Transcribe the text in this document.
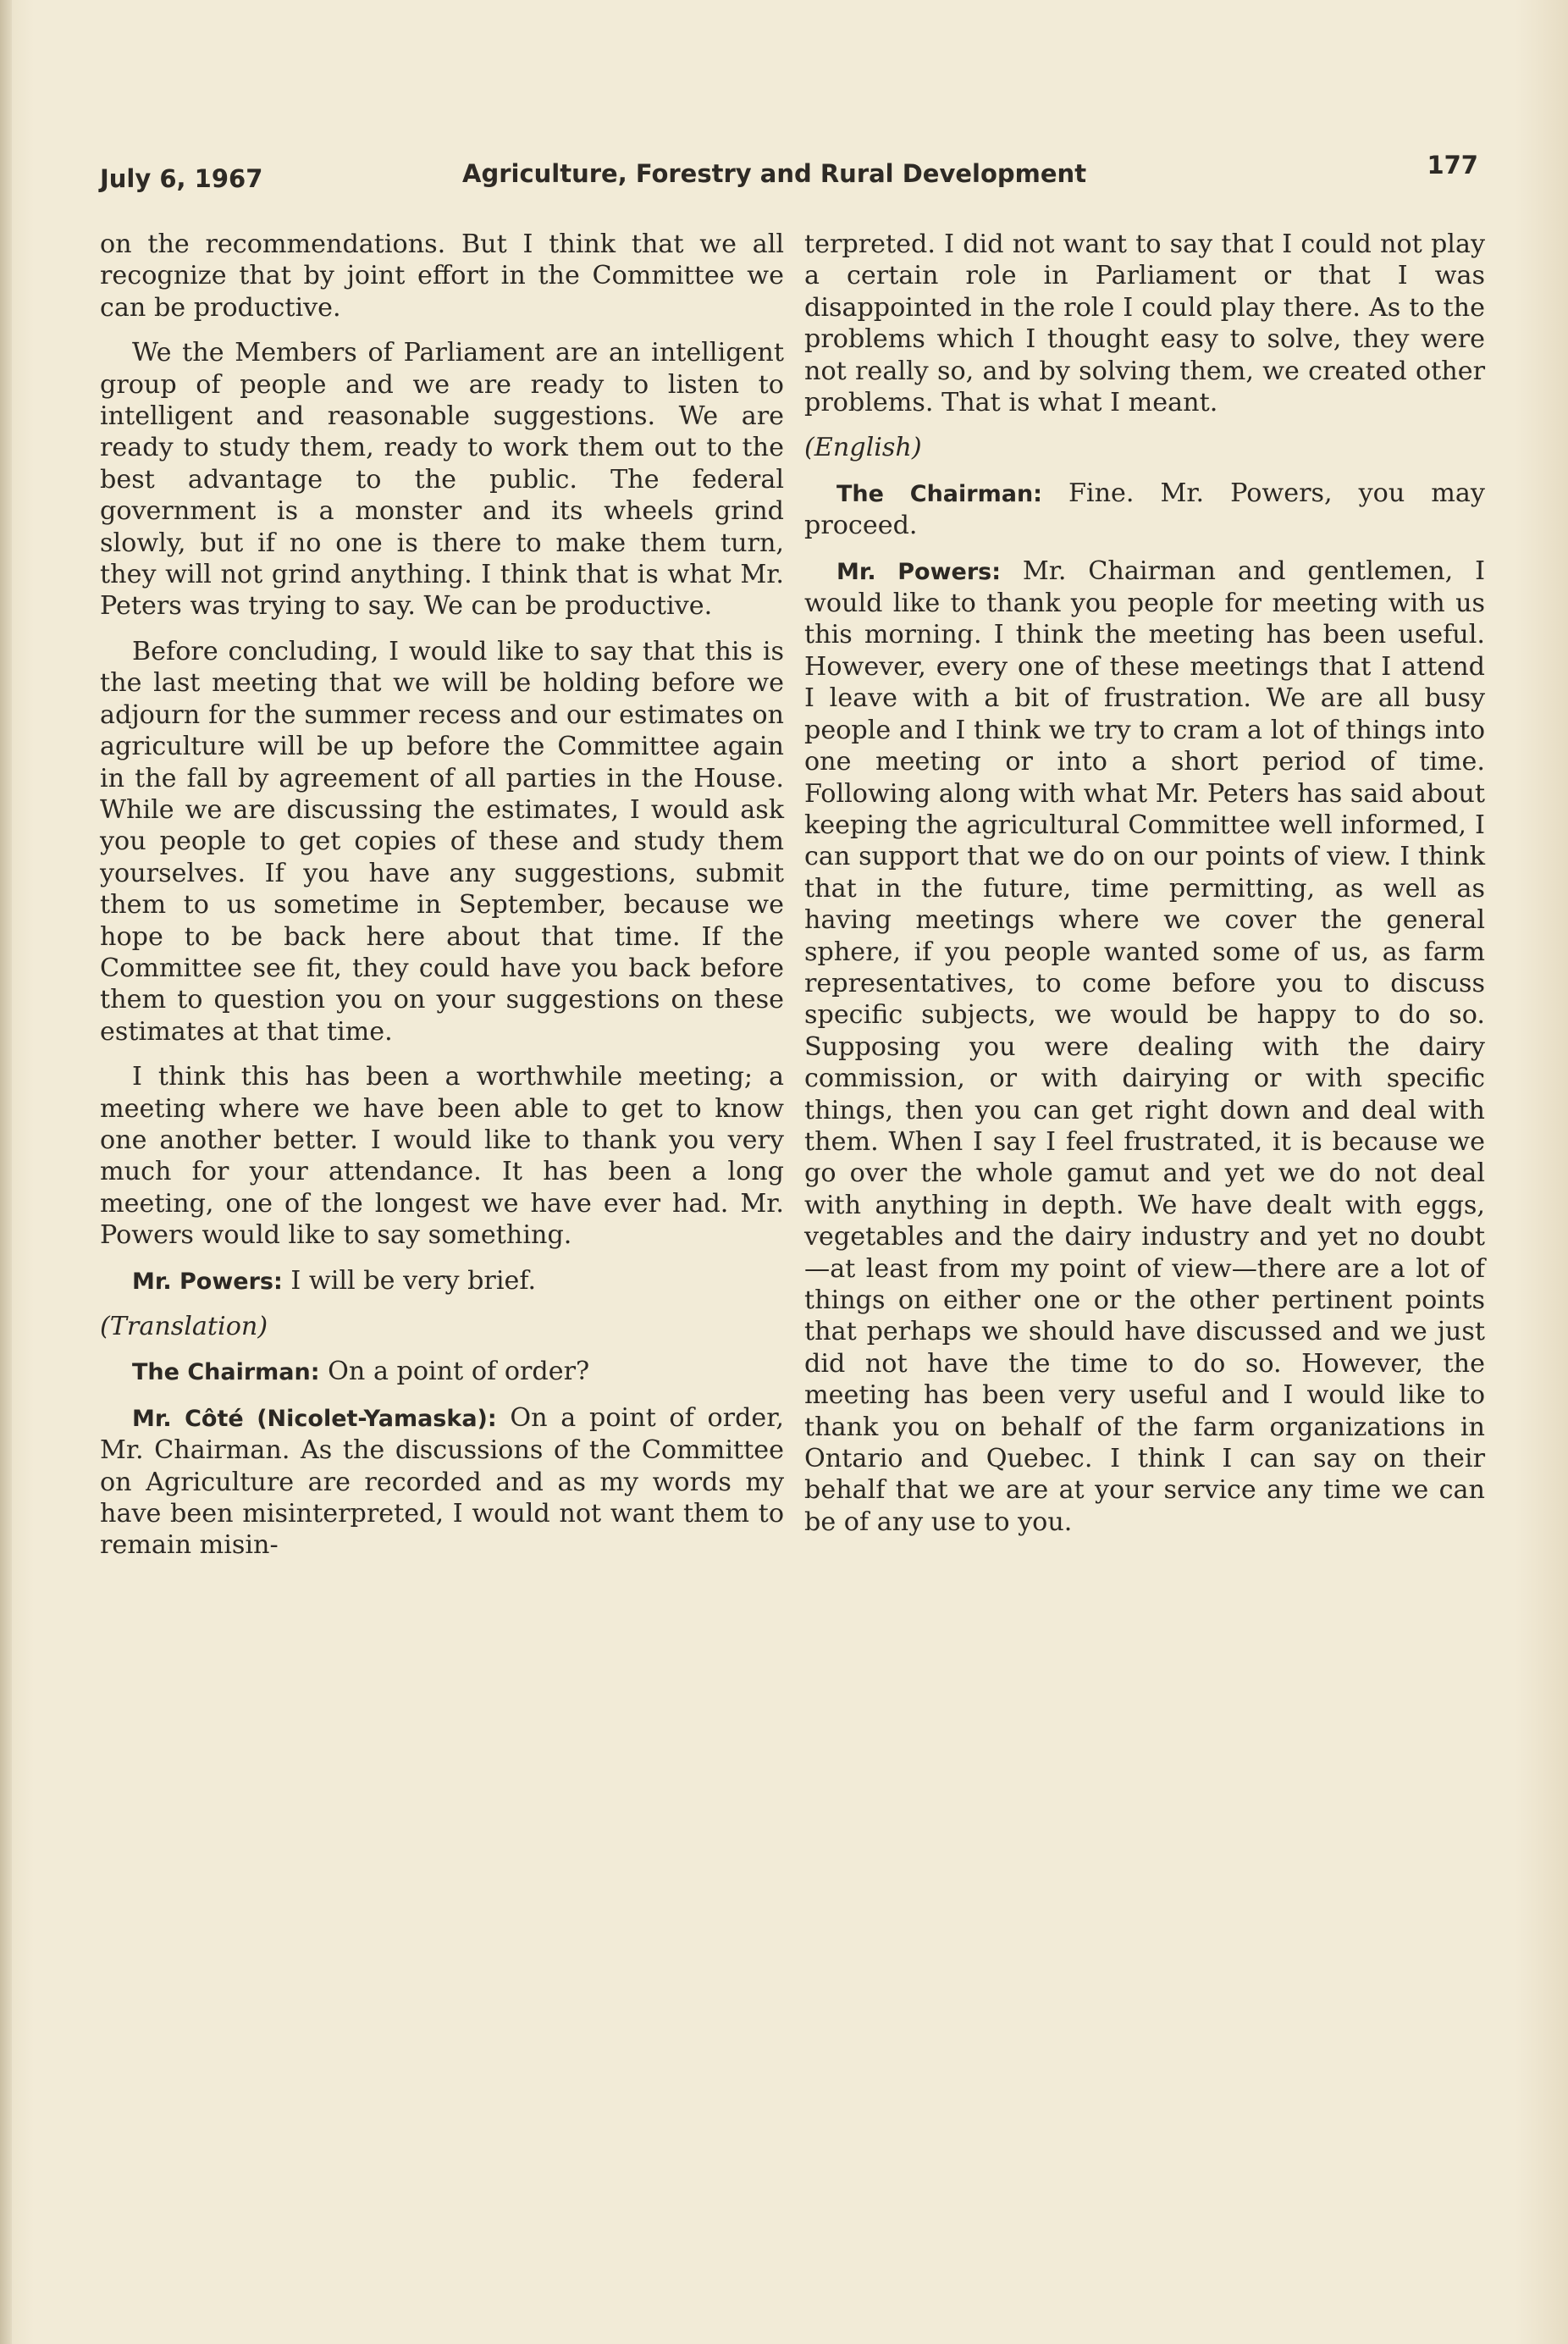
July 6, 1967	Agriculture, Forestry and Rural Development	177

on the recommendations. But I think that we all recognize that by joint effort in the Committee we can be productive.

We the Members of Parliament are an intelligent group of people and we are ready to listen to intelligent and reasonable suggestions. We are ready to study them, ready to work them out to the best advantage to the public. The federal government is a monster and its wheels grind slowly, but if no one is there to make them turn, they will not grind anything. I think that is what Mr. Peters was trying to say. We can be productive.

Before concluding, I would like to say that this is the last meeting that we will be holding before we adjourn for the summer recess and our estimates on agriculture will be up before the Committee again in the fall by agreement of all parties in the House. While we are discussing the estimates, I would ask you people to get copies of these and study them yourselves. If you have any suggestions, submit them to us sometime in September, because we hope to be back here about that time. If the Committee see fit, they could have you back before them to question you on your suggestions on these estimates at that time.

I think this has been a worthwhile meeting; a meeting where we have been able to get to know one another better. I would like to thank you very much for your attendance. It has been a long meeting, one of the longest we have ever had. Mr. Powers would like to say something.

Mr. Powers: I will be very brief.

(Translation)

The Chairman: On a point of order?

Mr. Côté (Nicolet-Yamaska): On a point of order, Mr. Chairman. As the discussions of the Committee on Agriculture are recorded and as my words my have been misinterpreted, I would not want them to remain misin-

terpreted. I did not want to say that I could not play a certain role in Parliament or that I was disappointed in the role I could play there. As to the problems which I thought easy to solve, they were not really so, and by solving them, we created other problems. That is what I meant.

(English)

The Chairman: Fine. Mr. Powers, you may proceed.

Mr. Powers: Mr. Chairman and gentlemen, I would like to thank you people for meeting with us this morning. I think the meeting has been useful. However, every one of these meetings that I attend I leave with a bit of frustration. We are all busy people and I think we try to cram a lot of things into one meeting or into a short period of time. Following along with what Mr. Peters has said about keeping the agricultural Committee well informed, I can support that we do on our points of view. I think that in the future, time permitting, as well as having meetings where we cover the general sphere, if you people wanted some of us, as farm representatives, to come before you to discuss specific subjects, we would be happy to do so. Supposing you were dealing with the dairy commission, or with dairying or with specific things, then you can get right down and deal with them. When I say I feel frustrated, it is because we go over the whole gamut and yet we do not deal with anything in depth. We have dealt with eggs, vegetables and the dairy industry and yet no doubt—at least from my point of view—there are a lot of things on either one or the other pertinent points that perhaps we should have discussed and we just did not have the time to do so. However, the meeting has been very useful and I would like to thank you on behalf of the farm organizations in Ontario and Quebec. I think I can say on their behalf that we are at your service any time we can be of any use to you.
